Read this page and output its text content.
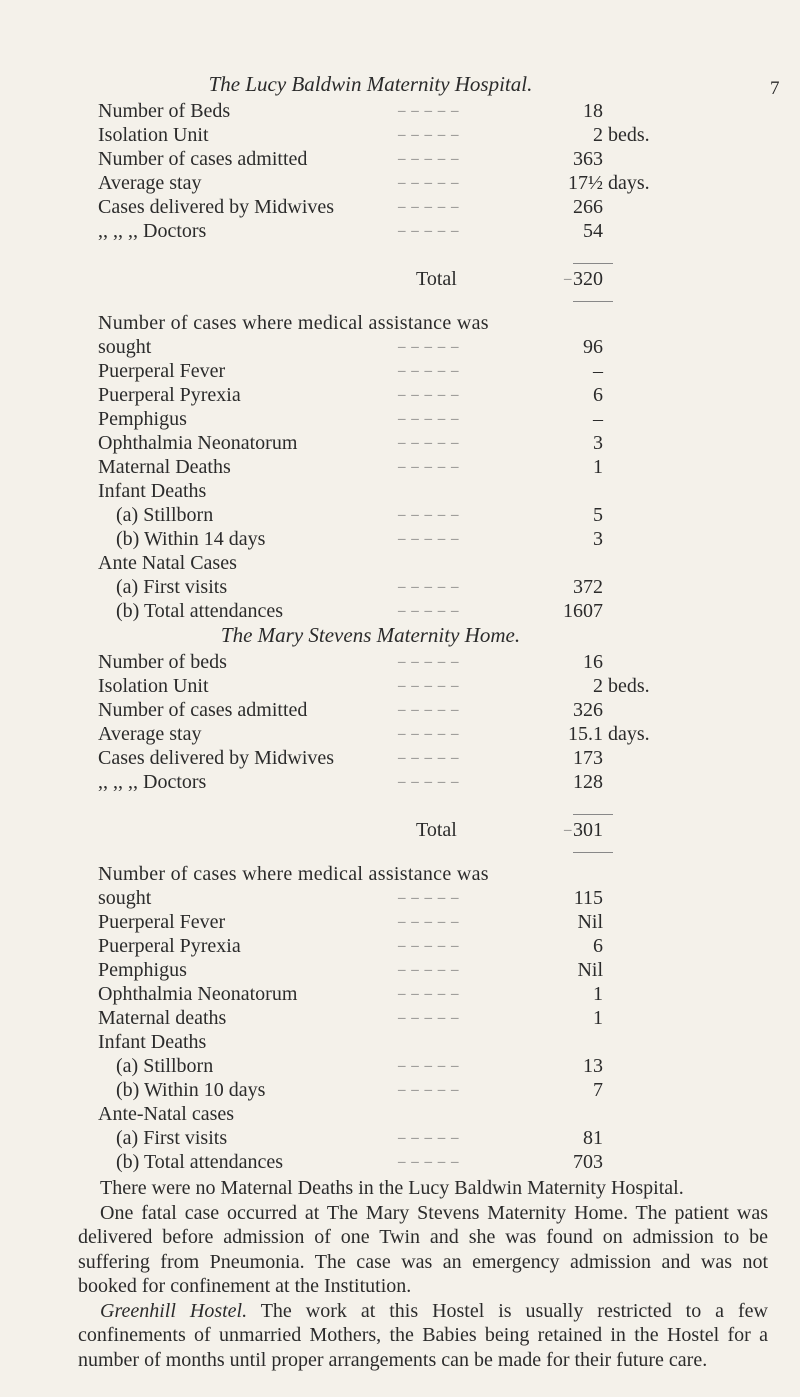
7
The Lucy Baldwin Maternity Hospital.
Number of Beds	– – – – –	18
Isolation Unit	– – – – –	2 beds.
Number of cases admitted	– – – – –	363
Average stay	– – – – –	17½ days.
Cases delivered by Midwives	– – – – –	266
,, ,, ,, Doctors	– – – – –	54
Total	– 320
Number of cases where medical assistance was
sought	– – – – –	96
Puerperal Fever	– – – – –	–
Puerperal Pyrexia	– – – – –	6
Pemphigus	– – – – –	–
Ophthalmia Neonatorum	– – – – –	3
Maternal Deaths	– – – – –	1
Infant Deaths
(a) Stillborn	– – – – –	5
(b) Within 14 days	– – – – –	3
Ante Natal Cases
(a) First visits	– – – – –	372
(b) Total attendances	– – – – –	1607
The Mary Stevens Maternity Home.
Number of beds	– – – – –	16
Isolation Unit	– – – – –	2 beds.
Number of cases admitted	– – – – –	326
Average stay	– – – – –	15.1 days.
Cases delivered by Midwives	– – – – –	173
,, ,, ,, Doctors	– – – – –	128
Total	– 301
Number of cases where medical assistance was
sought	– – – – –	115
Puerperal Fever	– – – – –	Nil
Puerperal Pyrexia	– – – – –	6
Pemphigus	– – – – –	Nil
Ophthalmia Neonatorum	– – – – –	1
Maternal deaths	– – – – –	1
Infant Deaths
(a) Stillborn	– – – – –	13
(b) Within 10 days	– – – – –	7
Ante-Natal cases
(a) First visits	– – – – –	81
(b) Total attendances	– – – – –	703

There were no Maternal Deaths in the Lucy Baldwin Maternity Hospital.

One fatal case occurred at The Mary Stevens Maternity Home. The patient was delivered before admission of one Twin and she was found on admission to be suffering from Pneumonia. The case was an emergency admission and was not booked for confinement at the Institution.

Greenhill Hostel. The work at this Hostel is usually restricted to a few confinements of unmarried Mothers, the Babies being retained in the Hostel for a number of months until proper arrangements can be made for their future care.
